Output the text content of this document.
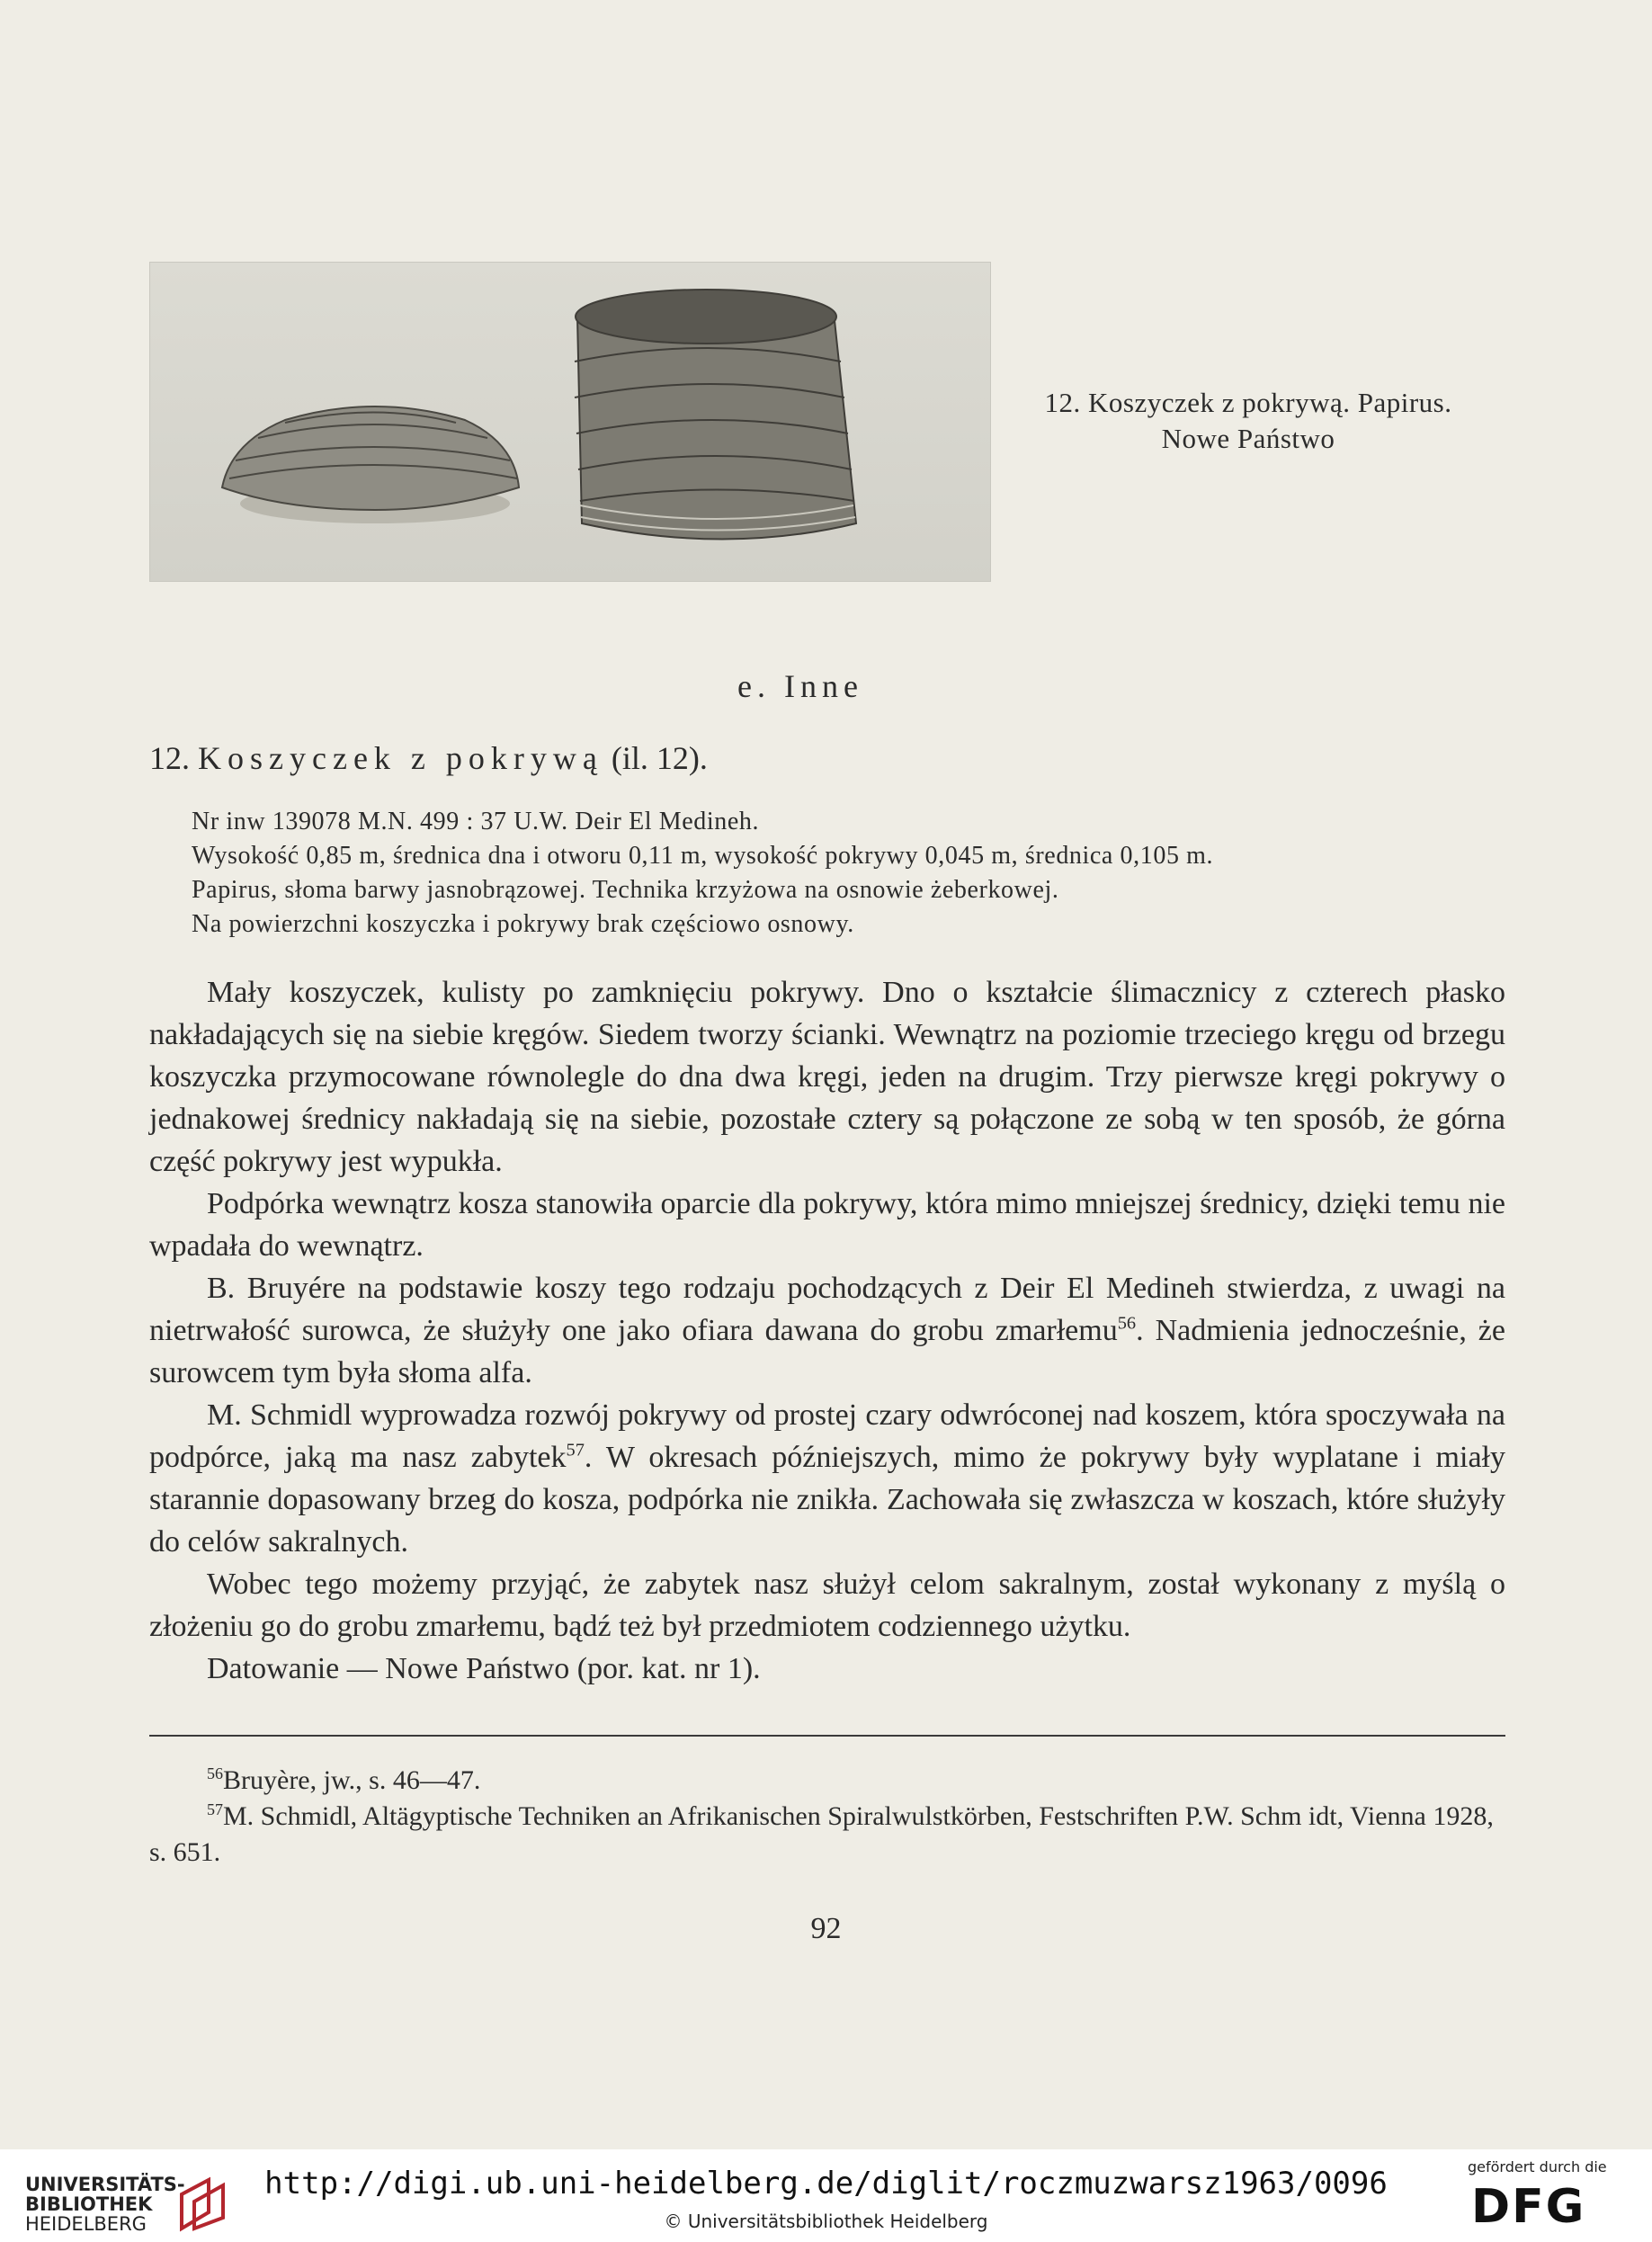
12. Koszyczek z pokrywą. Papirus.
Nowe Państwo
e. Inne
12. Koszyczek z pokrywą (il. 12).
Nr inw 139078 M.N. 499 : 37 U.W. Deir El Medineh.
Wysokość 0,85 m, średnica dna i otworu 0,11 m, wysokość pokrywy 0,045 m, średnica 0,105 m.
Papirus, słoma barwy jasnobrązowej. Technika krzyżowa na osnowie żeberkowej.
Na powierzchni koszyczka i pokrywy brak częściowo osnowy.

Mały koszyczek, kulisty po zamknięciu pokrywy. Dno o kształcie ślimacznicy z czterech płasko nakładających się na siebie kręgów. Siedem tworzy ścianki. Wewnątrz na poziomie trzeciego kręgu od brzegu koszyczka przymocowane równolegle do dna dwa kręgi, jeden na drugim. Trzy pierwsze kręgi pokrywy o jednakowej średnicy nakładają się na siebie, pozostałe cztery są połączone ze sobą w ten sposób, że górna część pokrywy jest wypukła.

Podpórka wewnątrz kosza stanowiła oparcie dla pokrywy, która mimo mniejszej średnicy, dzięki temu nie wpadała do wewnątrz.

B. Bruyére na podstawie koszy tego rodzaju pochodzących z Deir El Medineh stwierdza, z uwagi na nietrwałość surowca, że służyły one jako ofiara dawana do grobu zmarłemu$^{56}$. Nadmienia jednocześnie, że surowcem tym była słoma alfa.

M. Schmidl wyprowadza rozwój pokrywy od prostej czary odwróconej nad koszem, która spoczywała na podpórce, jaką ma nasz zabytek$^{57}$. W okresach późniejszych, mimo że pokrywy były wyplatane i miały starannie dopasowany brzeg do kosza, podpórka nie znikła. Zachowała się zwłaszcza w koszach, które służyły do celów sakralnych.

Wobec tego możemy przyjąć, że zabytek nasz służył celom sakralnym, został wykonany z myślą o złożeniu go do grobu zmarłemu, bądź też był przedmiotem codziennego użytku.

Datowanie — Nowe Państwo (por. kat. nr 1).

$^{56}$Bruyère, jw., s. 46—47.

$^{57}$M. Schmidl, Altägyptische Techniken an Afrikanischen Spiralwulstkörben, Festschriften P.W. Schm idt, Vienna 1928, s. 651.

92
UNIVERSITÄTS-
BIBLIOTHEK
HEIDELBERG
http://digi.ub.uni-heidelberg.de/diglit/roczmuzwarsz1963/0096
© Universitätsbibliothek Heidelberg
gefördert durch die
DFG
